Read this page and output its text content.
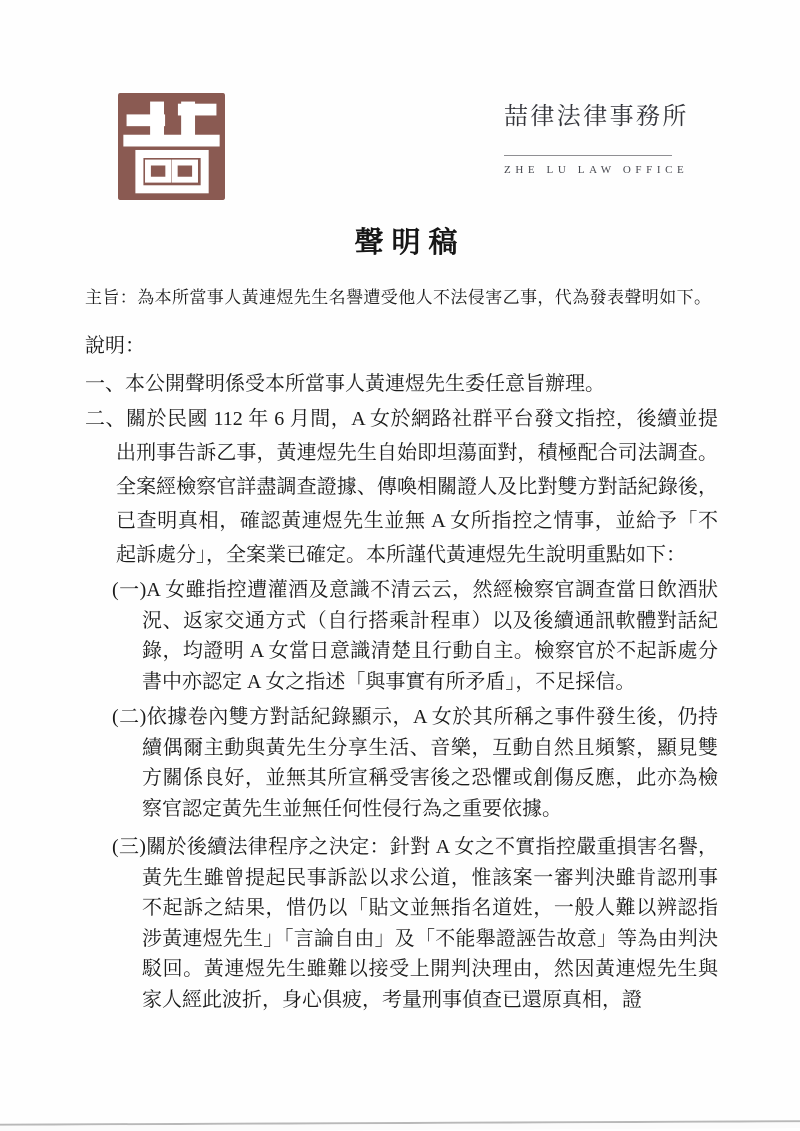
喆律法律事務所
ZHE LU LAW OFFICE
聲明稿

主旨：為本所當事人黃連煜先生名譽遭受他人不法侵害乙事，代為發表聲明如下。

說明：

一、本公開聲明係受本所當事人黃連煜先生委任意旨辦理。

二、關於民國 112 年 6 月間，A 女於網路社群平台發文指控，後續並提出刑事告訴乙事，黃連煜先生自始即坦蕩面對，積極配合司法調查。全案經檢察官詳盡調查證據、傳喚相關證人及比對雙方對話紀錄後，已查明真相，確認黃連煜先生並無 A 女所指控之情事，並給予「不起訴處分」，全案業已確定。本所謹代黃連煜先生說明重點如下：

(一)A 女雖指控遭灌酒及意識不清云云，然經檢察官調查當日飲酒狀況、返家交通方式（自行搭乘計程車）以及後續通訊軟體對話紀錄，均證明 A 女當日意識清楚且行動自主。檢察官於不起訴處分書中亦認定 A 女之指述「與事實有所矛盾」，不足採信。

(二)依據卷內雙方對話紀錄顯示，A 女於其所稱之事件發生後，仍持續偶爾主動與黃先生分享生活、音樂，互動自然且頻繁，顯見雙方關係良好，並無其所宣稱受害後之恐懼或創傷反應，此亦為檢察官認定黃先生並無任何性侵行為之重要依據。

(三)關於後續法律程序之決定：針對 A 女之不實指控嚴重損害名譽，黃先生雖曾提起民事訴訟以求公道，惟該案一審判決雖肯認刑事不起訴之結果，惜仍以「貼文並無指名道姓，一般人難以辨認指涉黃連煜先生」「言論自由」及「不能舉證誣告故意」等為由判決駁回。黃連煜先生雖難以接受上開判決理由，然因黃連煜先生與家人經此波折，身心俱疲，考量刑事偵查已還原真相，證
